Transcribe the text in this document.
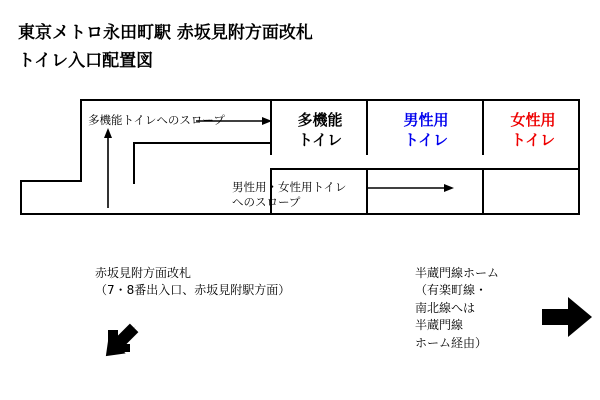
東京メトロ永田町駅 赤坂見附方面改札
トイレ入口配置図
多機能
トイレ
男性用
トイレ
女性用
トイレ
多機能トイレへのスロープ
男性用・女性用トイレ
へのスロープ
赤坂見附方面改札
（7・8番出入口、赤坂見附駅方面）
半蔵門線ホーム
（有楽町線・
南北線へは
半蔵門線
ホーム経由）
